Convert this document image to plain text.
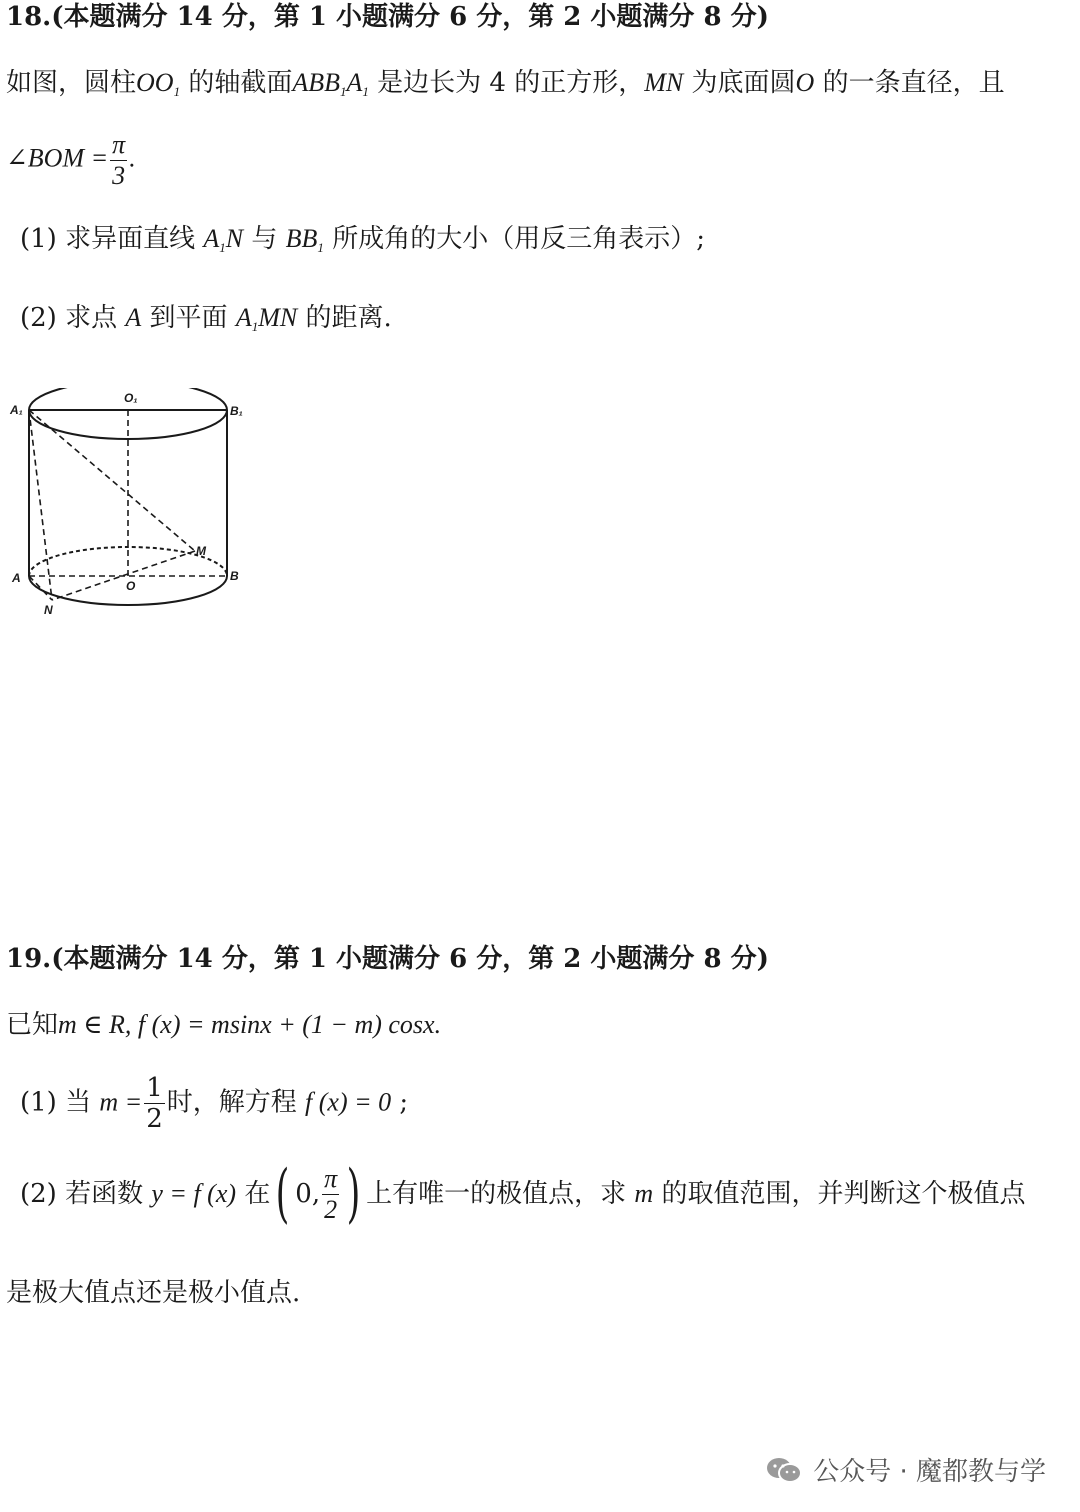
18.(本题满分 14 分，第 1 小题满分 6 分，第 2 小题满分 8 分)
如图，圆柱$OO_1$ 的轴截面$ABB_1A_1$ 是边长为 4 的正方形，MN 为底面圆O 的一条直径，且
∠BOM = $\frac{\pi}{3}$ .
(1) 求异面直线 $A_1N$ 与 $BB_1$ 所成角的大小（用反三角表示）;
(2) 求点 A 到平面 $A_1MN$ 的距离.
A₁
O₁
B₁
A
O
B
M
N
19.(本题满分 14 分，第 1 小题满分 6 分，第 2 小题满分 8 分)
已知m ∈ R, f (x) = msinx + (1 − m) cosx.
(1) 当 $m = \frac{1}{2}$ 时，解方程 f (x) = 0 ;
(2) 若函数 y = f (x) 在( 0, $\frac{\pi}{2}$ ) 上有唯一的极值点，求 m 的取值范围，并判断这个极值点
是极大值点还是极小值点.
公众号 · 魔都教与学
